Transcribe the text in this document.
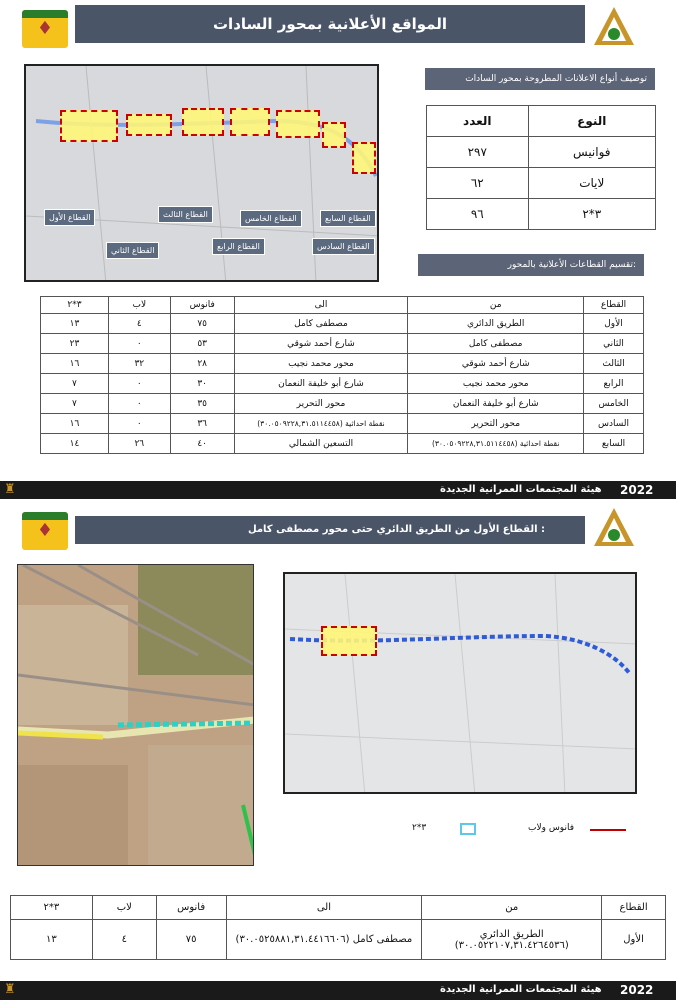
♦	المواقع الأعلانية بمحور السادات
القطاع الأول
القطاع الثاني
القطاع الثالث
القطاع الرابع
القطاع الخامس
القطاع السادس
القطاع السابع
توصيف أنواع الاعلانات المطروحة بمحور السادات
النوع	العدد
فوانيس	٢٩٧
لايات	٦٢
٣*٢	٩٦
تقسيم القطاعات الأعلانية بالمحور:
القطاع	من	الى	فانوس	لاب	٣*٢
الأول	الطريق الدائري	مصطفى كامل	٧٥	٤	١٣
الثاني	مصطفى كامل	شارع أحمد شوقي	٥٣	٠	٢٣
الثالث	شارع أحمد شوقي	محور محمد نجيب	٢٨	٣٢	١٦
الرابع	محور محمد نجيب	شارع أبو خليفة النعمان	٣٠	٠	٧
الخامس	شارع أبو خليفة النعمان	محور التحرير	٣٥	٠	٧
السادس	محور التحرير	نقطة احداثية (٣٠.٠٥٠٩٢٢٨,٣١.٥١١٤٤٥٨)	٣٦	٠	١٦
السابع	نقطة احداثية (٣٠.٠٥٠٩٢٢٨,٣١.٥١١٤٤٥٨)	التسعين الشمالي	٤٠	٢٦	١٤
♜	هيئة المجتمعات العمرانية الجديدة 2022
♦	القطاع الأول من الطريق الدائري حتى محور مصطفى كامل :
٣*٢	فانوس ولاب
القطاع	من	الى	فانوس	لاب	٣*٢
الأول	الطريق الدائري (٣٠.٠٥٢٢١٠٧,٣١.٤٢٦٤٥٣٦)	مصطفى كامل (٣٠.٠٥٢٥٨٨١,٣١.٤٤١٦٦٠٦)	٧٥	٤	١٣
♜	هيئة المجتمعات العمرانية الجديدة 2022
